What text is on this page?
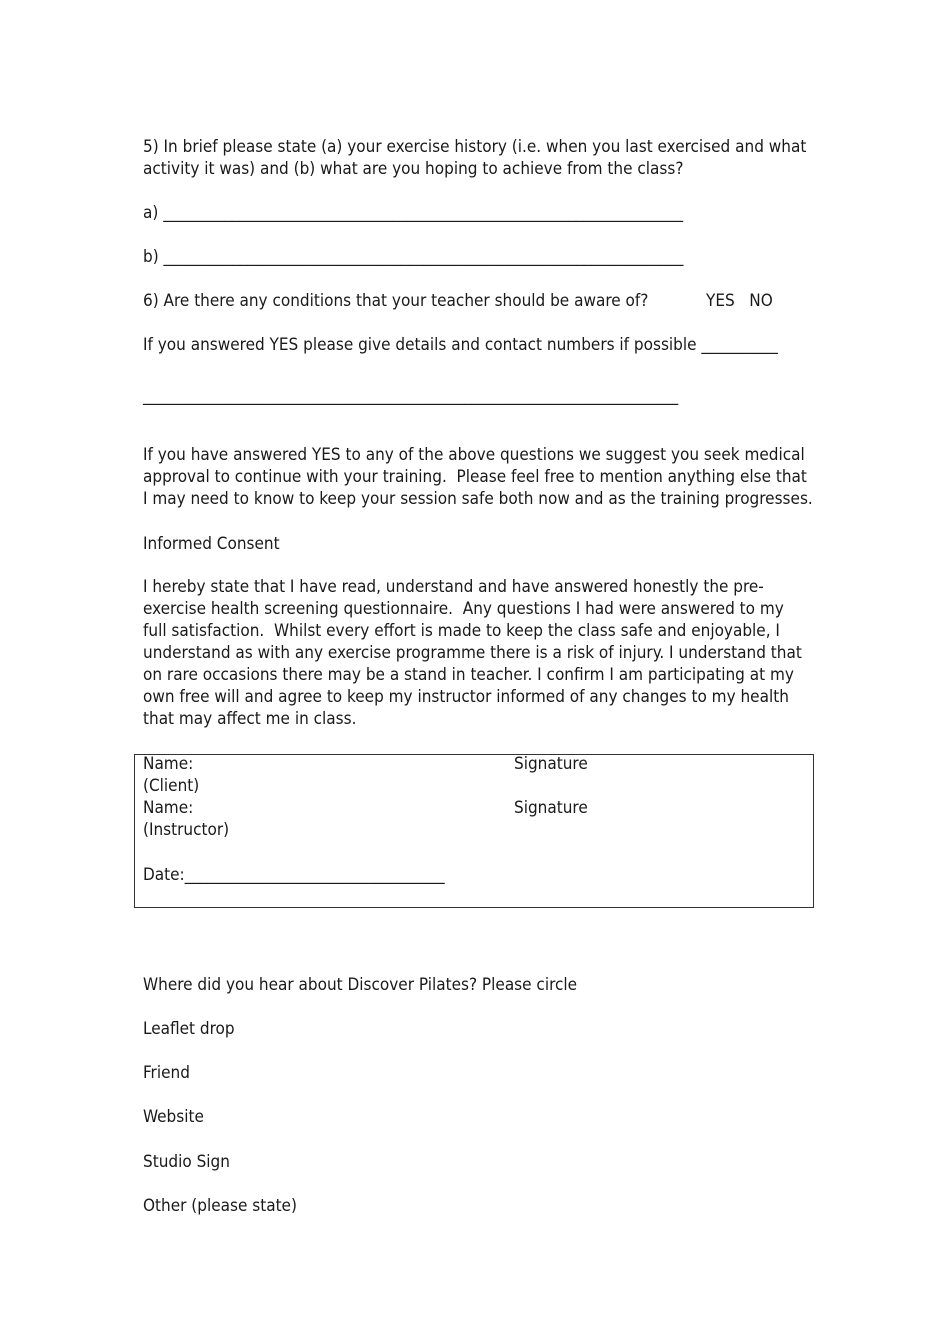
5) In brief please state (a) your exercise history (i.e. when you last exercised and what

activity it was) and (b) what are you hoping to achieve from the class?

a) ____________________________________________________________________

b) ____________________________________________________________________

6) Are there any conditions that your teacher should be aware of?	YES   NO

If you answered YES please give details and contact numbers if possible __________

______________________________________________________________________

If you have answered YES to any of the above questions we suggest you seek medical

approval to continue with your training.  Please feel free to mention anything else that

I may need to know to keep your session safe both now and as the training progresses.

Informed Consent

I hereby state that I have read, understand and have answered honestly the pre-

exercise health screening questionnaire.  Any questions I had were answered to my

full satisfaction.  Whilst every effort is made to keep the class safe and enjoyable, I

understand as with any exercise programme there is a risk of injury. I understand that

on rare occasions there may be a stand in teacher. I confirm I am participating at my

own free will and agree to keep my instructor informed of any changes to my health

that may affect me in class.

Name:

(Client)

Signature

Name:

(Instructor)

Signature

Date:__________________________________

Where did you hear about Discover Pilates? Please circle

Leaflet drop

Friend

Website

Studio Sign

Other (please state)
